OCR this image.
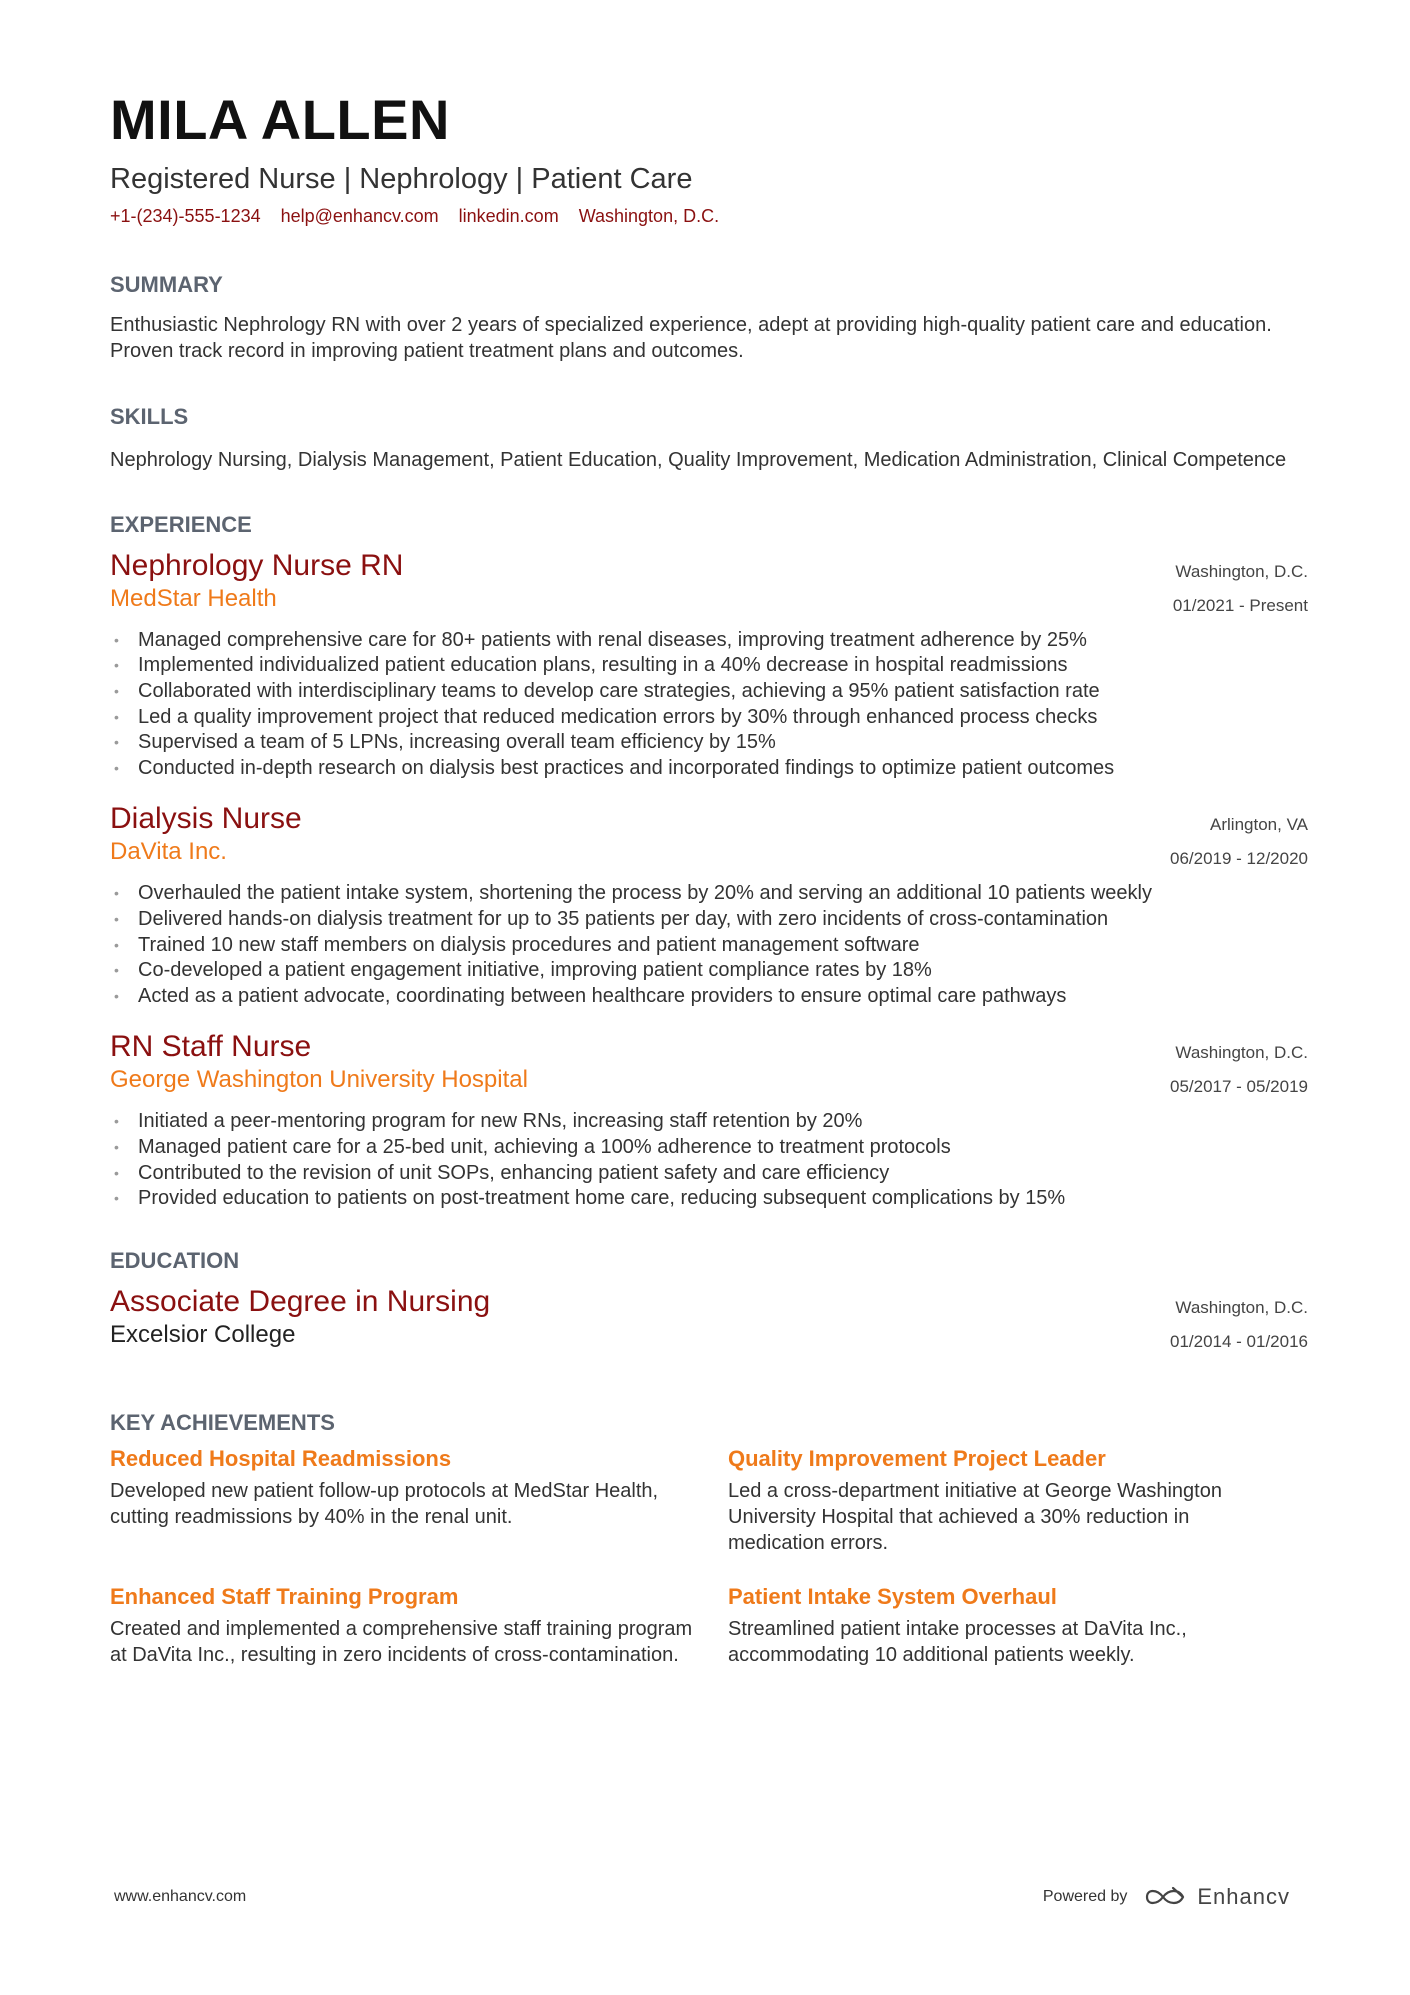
MILA ALLEN
Registered Nurse | Nephrology | Patient Care
+1-(234)-555-1234 help@enhancv.com linkedin.com Washington, D.C.
SUMMARY
Enthusiastic Nephrology RN with over 2 years of specialized experience, adept at providing high-quality patient care and education. Proven track record in improving patient treatment plans and outcomes.
SKILLS
Nephrology Nursing, Dialysis Management, Patient Education, Quality Improvement, Medication Administration, Clinical Competence
EXPERIENCE
Nephrology Nurse RN
MedStar Health
Washington, D.C.
01/2021 - Present
• Managed comprehensive care for 80+ patients with renal diseases, improving treatment adherence by 25%
• Implemented individualized patient education plans, resulting in a 40% decrease in hospital readmissions
• Collaborated with interdisciplinary teams to develop care strategies, achieving a 95% patient satisfaction rate
• Led a quality improvement project that reduced medication errors by 30% through enhanced process checks
• Supervised a team of 5 LPNs, increasing overall team efficiency by 15%
• Conducted in-depth research on dialysis best practices and incorporated findings to optimize patient outcomes
Dialysis Nurse
DaVita Inc.
Arlington, VA
06/2019 - 12/2020
• Overhauled the patient intake system, shortening the process by 20% and serving an additional 10 patients weekly
• Delivered hands-on dialysis treatment for up to 35 patients per day, with zero incidents of cross-contamination
• Trained 10 new staff members on dialysis procedures and patient management software
• Co-developed a patient engagement initiative, improving patient compliance rates by 18%
• Acted as a patient advocate, coordinating between healthcare providers to ensure optimal care pathways
RN Staff Nurse
George Washington University Hospital
Washington, D.C.
05/2017 - 05/2019
• Initiated a peer-mentoring program for new RNs, increasing staff retention by 20%
• Managed patient care for a 25-bed unit, achieving a 100% adherence to treatment protocols
• Contributed to the revision of unit SOPs, enhancing patient safety and care efficiency
• Provided education to patients on post-treatment home care, reducing subsequent complications by 15%
EDUCATION
Associate Degree in Nursing
Excelsior College
Washington, D.C.
01/2014 - 01/2016
KEY ACHIEVEMENTS
Reduced Hospital Readmissions
Developed new patient follow-up protocols at MedStar Health, cutting readmissions by 40% in the renal unit.
Quality Improvement Project Leader
Led a cross-department initiative at George Washington University Hospital that achieved a 30% reduction in medication errors.
Enhanced Staff Training Program
Created and implemented a comprehensive staff training program at DaVita Inc., resulting in zero incidents of cross-contamination.
Patient Intake System Overhaul
Streamlined patient intake processes at DaVita Inc., accommodating 10 additional patients weekly.
www.enhancv.com	Powered by	Enhancv
